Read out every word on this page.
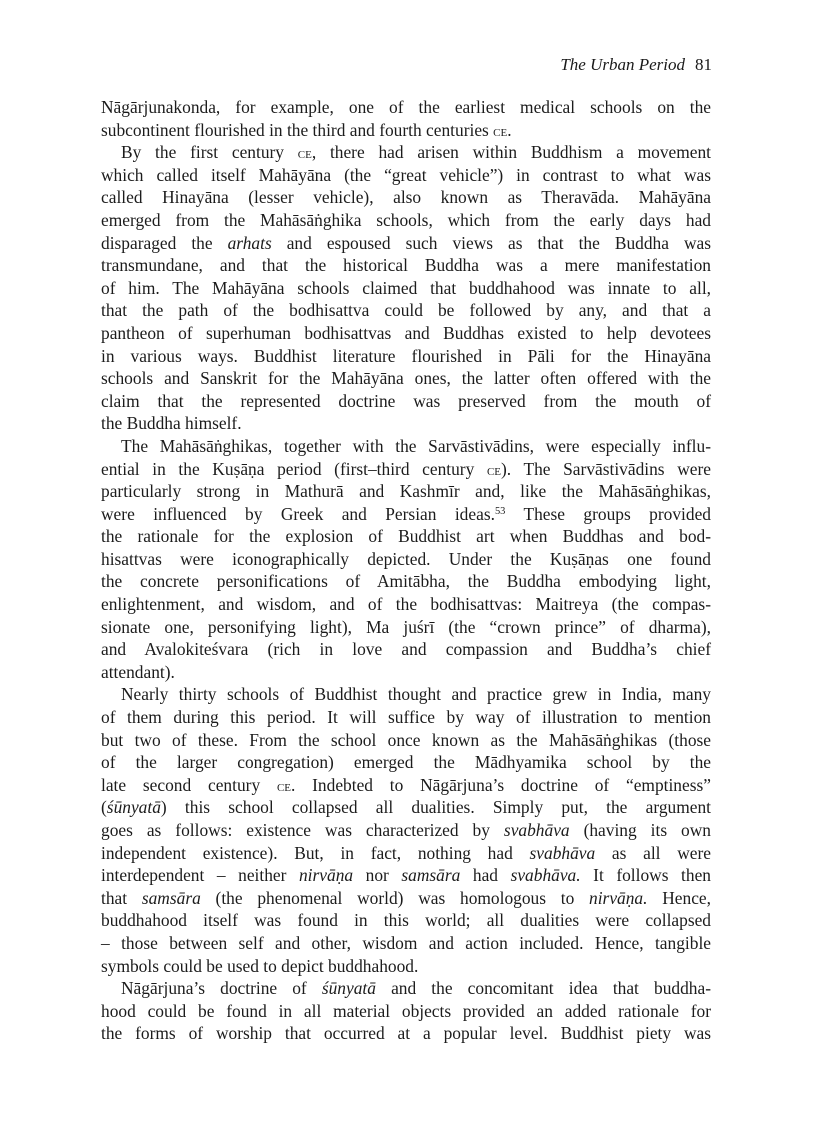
The Urban Period 81
Nāgārjunakonda, for example, one of the earliest medical schools on the
subcontinent flourished in the third and fourth centuries ce.
By the first century ce, there had arisen within Buddhism a movement
which called itself Mahāyāna (the “great vehicle”) in contrast to what was
called Hinayāna (lesser vehicle), also known as Theravāda. Mahāyāna
emerged from the Mahāsāṅghika schools, which from the early days had
disparaged the arhats and espoused such views as that the Buddha was
transmundane, and that the historical Buddha was a mere manifestation
of him. The Mahāyāna schools claimed that buddhahood was innate to all,
that the path of the bodhisattva could be followed by any, and that a
pantheon of superhuman bodhisattvas and Buddhas existed to help devotees
in various ways. Buddhist literature flourished in Pāli for the Hinayāna
schools and Sanskrit for the Mahāyāna ones, the latter often offered with the
claim that the represented doctrine was preserved from the mouth of
the Buddha himself.
The Mahāsāṅghikas, together with the Sarvāstivādins, were especially influ-
ential in the Kuṣāṇa period (first–third century ce). The Sarvāstivādins were
particularly strong in Mathurā and Kashmīr and, like the Mahāsāṅghikas,
were influenced by Greek and Persian ideas.$^{53}$ These groups provided
the rationale for the explosion of Buddhist art when Buddhas and bod-
hisattvas were iconographically depicted. Under the Kuṣāṇas one found
the concrete personifications of Amitābha, the Buddha embodying light,
enlightenment, and wisdom, and of the bodhisattvas: Maitreya (the compas-
sionate one, personifying light), Ma juśrī (the “crown prince” of dharma),
and Avalokiteśvara (rich in love and compassion and Buddha’s chief
attendant).
Nearly thirty schools of Buddhist thought and practice grew in India, many
of them during this period. It will suffice by way of illustration to mention
but two of these. From the school once known as the Mahāsāṅghikas (those
of the larger congregation) emerged the Mādhyamika school by the
late second century ce. Indebted to Nāgārjuna’s doctrine of “emptiness”
(śūnyatā) this school collapsed all dualities. Simply put, the argument
goes as follows: existence was characterized by svabhāva (having its own
independent existence). But, in fact, nothing had svabhāva as all were
interdependent – neither nirvāṇa nor samsāra had svabhāva. It follows then
that samsāra (the phenomenal world) was homologous to nirvāṇa. Hence,
buddhahood itself was found in this world; all dualities were collapsed
– those between self and other, wisdom and action included. Hence, tangible
symbols could be used to depict buddhahood.
Nāgārjuna’s doctrine of śūnyatā and the concomitant idea that buddha-
hood could be found in all material objects provided an added rationale for
the forms of worship that occurred at a popular level. Buddhist piety was
